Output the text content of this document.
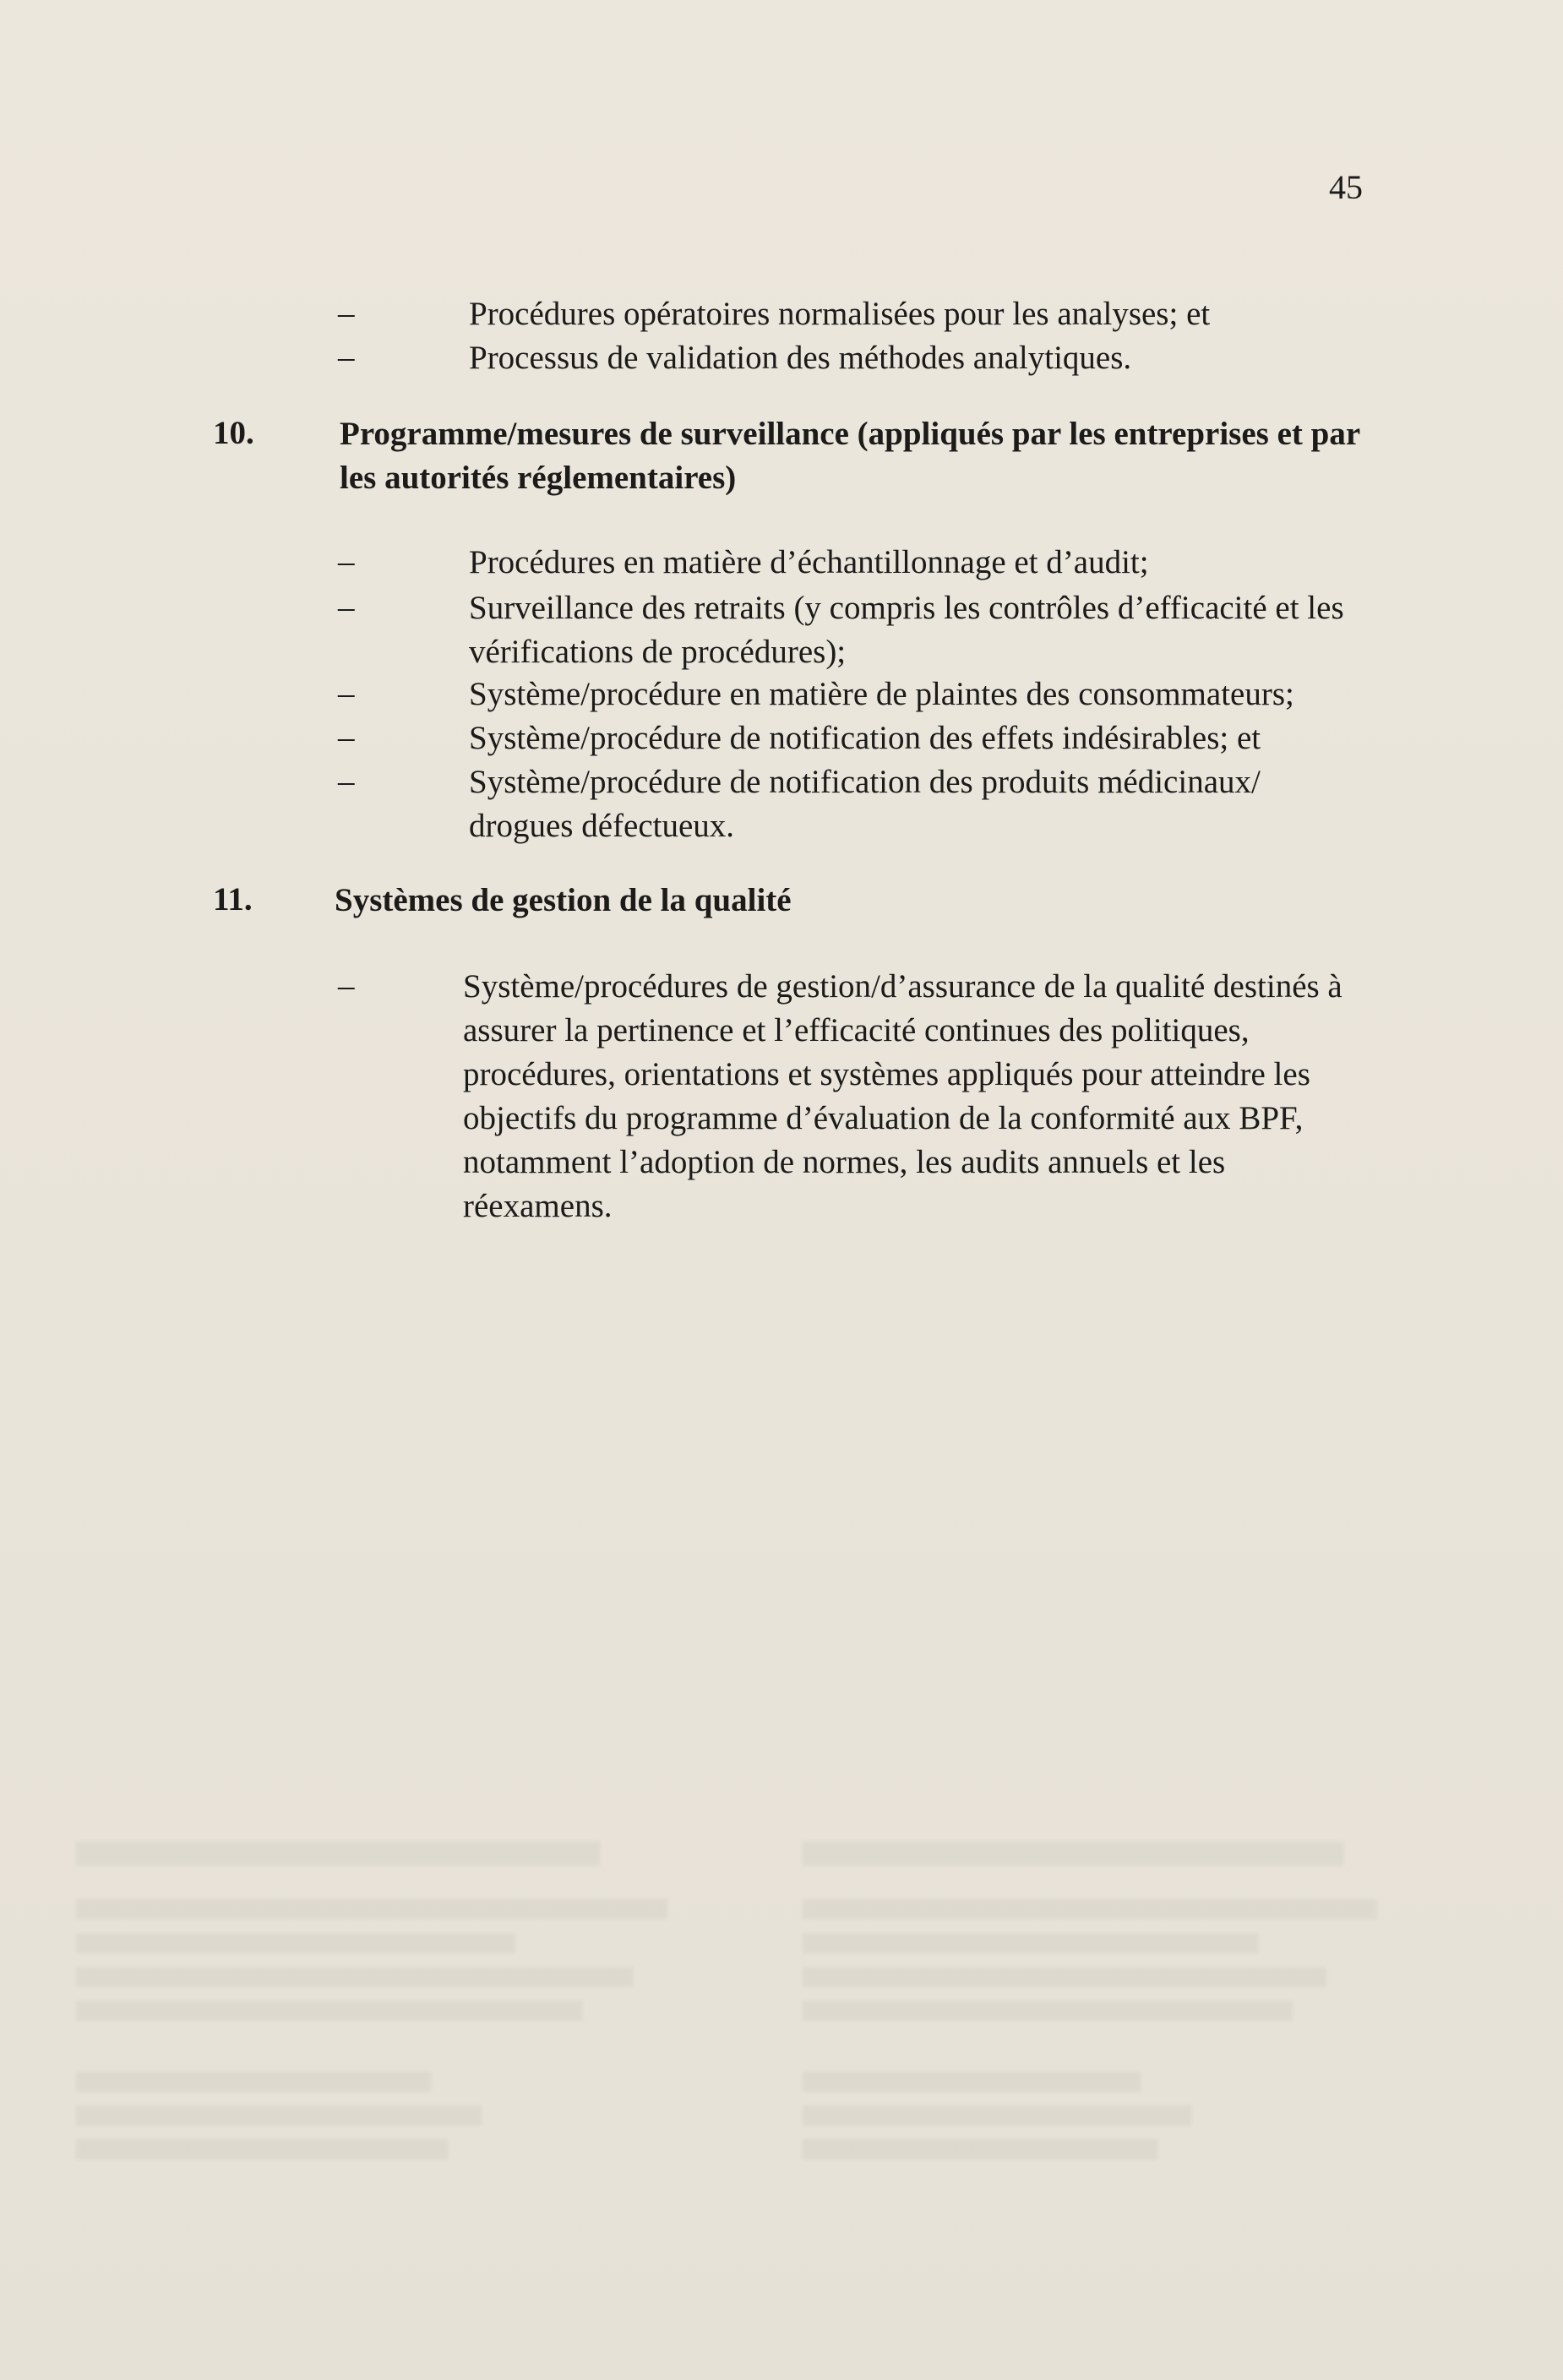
45
–	Procédures opératoires normalisées pour les analyses; et
–	Processus de validation des méthodes analytiques.
10.	Programme/mesures de surveillance (appliqués par les entreprises et par les autorités réglementaires)
–	Procédures en matière d’échantillonnage et d’audit;
–	Surveillance des retraits (y compris les contrôles d’efficacité et les vérifications de procédures);
–	Système/procédure en matière de plaintes des consommateurs;
–	Système/procédure de notification des effets indésirables; et
–	Système/procédure de notification des produits médicinaux/ drogues défectueux.
11. Systèmes de gestion de la qualité
–	Système/procédures de gestion/d’assurance de la qualité destinés à assurer la pertinence et l’efficacité continues des politiques, procédures, orientations et systèmes appliqués pour atteindre les objectifs du programme d’évaluation de la conformité aux BPF, notamment l’adoption de normes, les audits annuels et les réexamens.
